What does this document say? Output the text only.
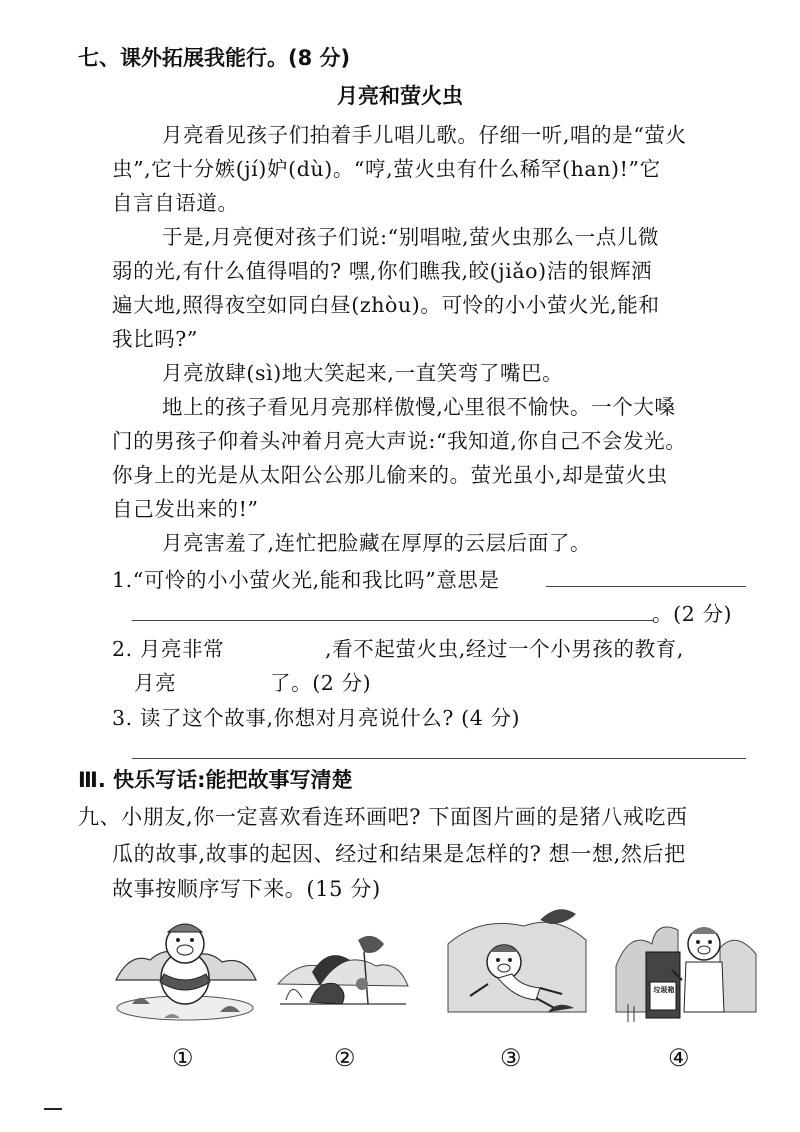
七、课外拓展我能行。(8 分)
月亮和萤火虫
月亮看见孩子们拍着手儿唱儿歌。仔细一听,唱的是“萤火
虫”,它十分嫉(jí)妒(dù)。“哼,萤火虫有什么稀罕(han)!”它
自言自语道。
于是,月亮便对孩子们说:“别唱啦,萤火虫那么一点儿微
弱的光,有什么值得唱的? 嘿,你们瞧我,皎(jiǎo)洁的银辉洒
遍大地,照得夜空如同白昼(zhòu)。可怜的小小萤火光,能和
我比吗?”
月亮放肆(sì)地大笑起来,一直笑弯了嘴巴。
地上的孩子看见月亮那样傲慢,心里很不愉快。一个大嗓
门的男孩子仰着头冲着月亮大声说:“我知道,你自己不会发光。
你身上的光是从太阳公公那儿偷来的。萤光虽小,却是萤火虫
自己发出来的!”
月亮害羞了,连忙把脸藏在厚厚的云层后面了。
1.“可怜的小小萤火光,能和我比吗”意思是
。(2 分)
2. 月亮非常	,看不起萤火虫,经过一个小男孩的教育,
月亮	了。(2 分)
3. 读了这个故事,你想对月亮说什么? (4 分)
Ⅲ. 快乐写话:能把故事写清楚
九、小朋友,你一定喜欢看连环画吧? 下面图片画的是猪八戒吃西
瓜的故事,故事的起因、经过和结果是怎样的? 想一想,然后把
故事按顺序写下来。(15 分)
垃圾箱
①	②	③	④
